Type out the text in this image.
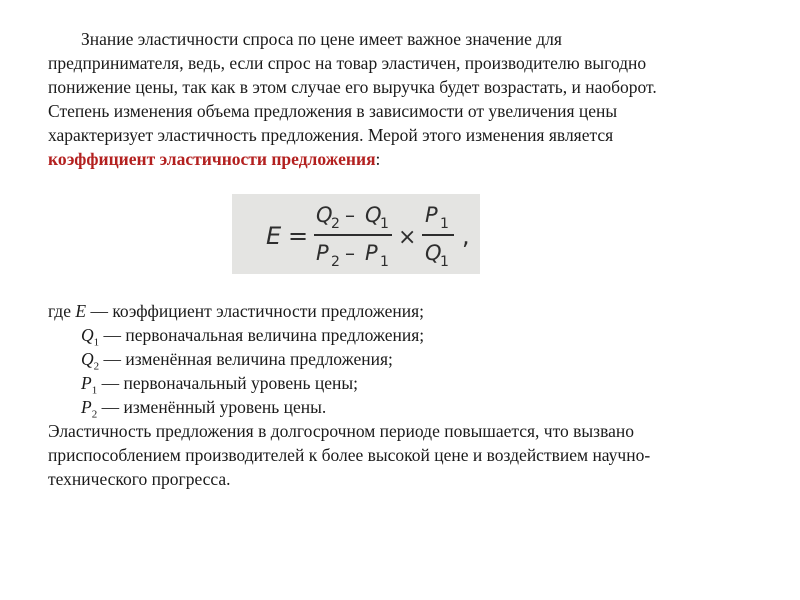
Знание эластичности спроса по цене имеет важное значение для
предпринимателя, ведь, если спрос на товар эластичен, производителю выгодно
понижение цены, так как в этом случае его выручка будет возрастать, и наоборот.
Степень изменения объема предложения в зависимости от увеличения цены
характеризует эластичность предложения. Мерой этого изменения является
коэффициент эластичности предложения:
E =
Q
2 – Q
1
P 2 – P 1
×
P 1
Q
1
,
где E — коэффициент эластичности предложения;
$Q_1$ — первоначальная величина предложения;
$Q_2$ — изменённая величина предложения;
$P_1$ — первоначальный уровень цены;
$P_2$ — изменённый уровень цены.
Эластичность предложения в долгосрочном периоде повышается, что вызвано
приспособлением производителей к более высокой цене и воздействием научно-
технического прогресса.
